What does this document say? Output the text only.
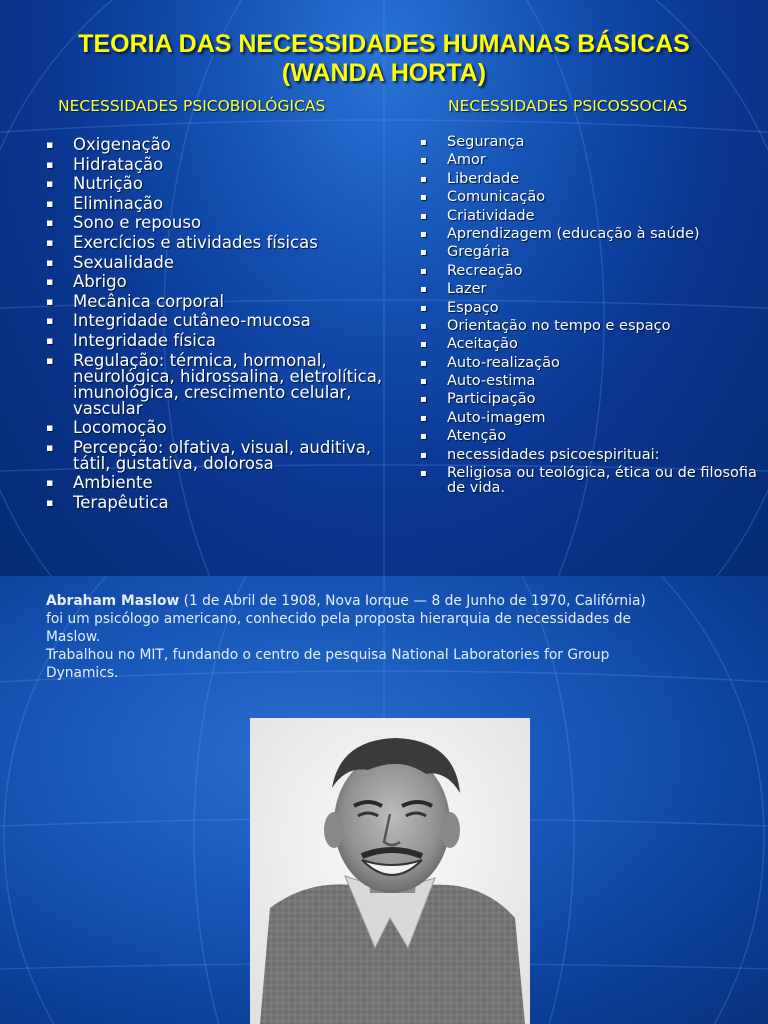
TEORIA DAS NECESSIDADES HUMANAS BÁSICAS
(WANDA HORTA)
NECESSIDADES PSICOBIOLÓGICAS	NECESSIDADES PSICOSSOCIAS
▪ Oxigenação
▪ Hidratação
▪ Nutrição
▪ Eliminação
▪ Sono e repouso
▪ Exercícios e atividades físicas
▪ Sexualidade
▪ Abrigo
▪ Mecânica corporal
▪ Integridade cutâneo-mucosa
▪ Integridade física
▪ Regulação: térmica, hormonal, neurológica, hidrossalina, eletrolítica, imunológica, crescimento celular, vascular
▪ Locomoção
▪ Percepção: olfativa, visual, auditiva, tátil, gustativa, dolorosa
▪ Ambiente
▪ Terapêutica
▪ Segurança
▪ Amor
▪ Liberdade
▪ Comunicação
▪ Criatividade
▪ Aprendizagem (educação à saúde)
▪ Gregária
▪ Recreação
▪ Lazer
▪ Espaço
▪ Orientação no tempo e espaço
▪ Aceitação
▪ Auto-realização
▪ Auto-estima
▪ Participação
▪ Auto-imagem
▪ Atenção
▪ necessidades psicoespirituai:
▪ Religiosa ou teológica, ética ou de filosofia de vida.

Abraham Maslow (1 de Abril de 1908, Nova Iorque — 8 de Junho de 1970, Califórnia)

foi um psicólogo americano, conhecido pela proposta hierarquia de necessidades de Maslow.

Trabalhou no MIT, fundando o centro de pesquisa National Laboratories for Group Dynamics.
